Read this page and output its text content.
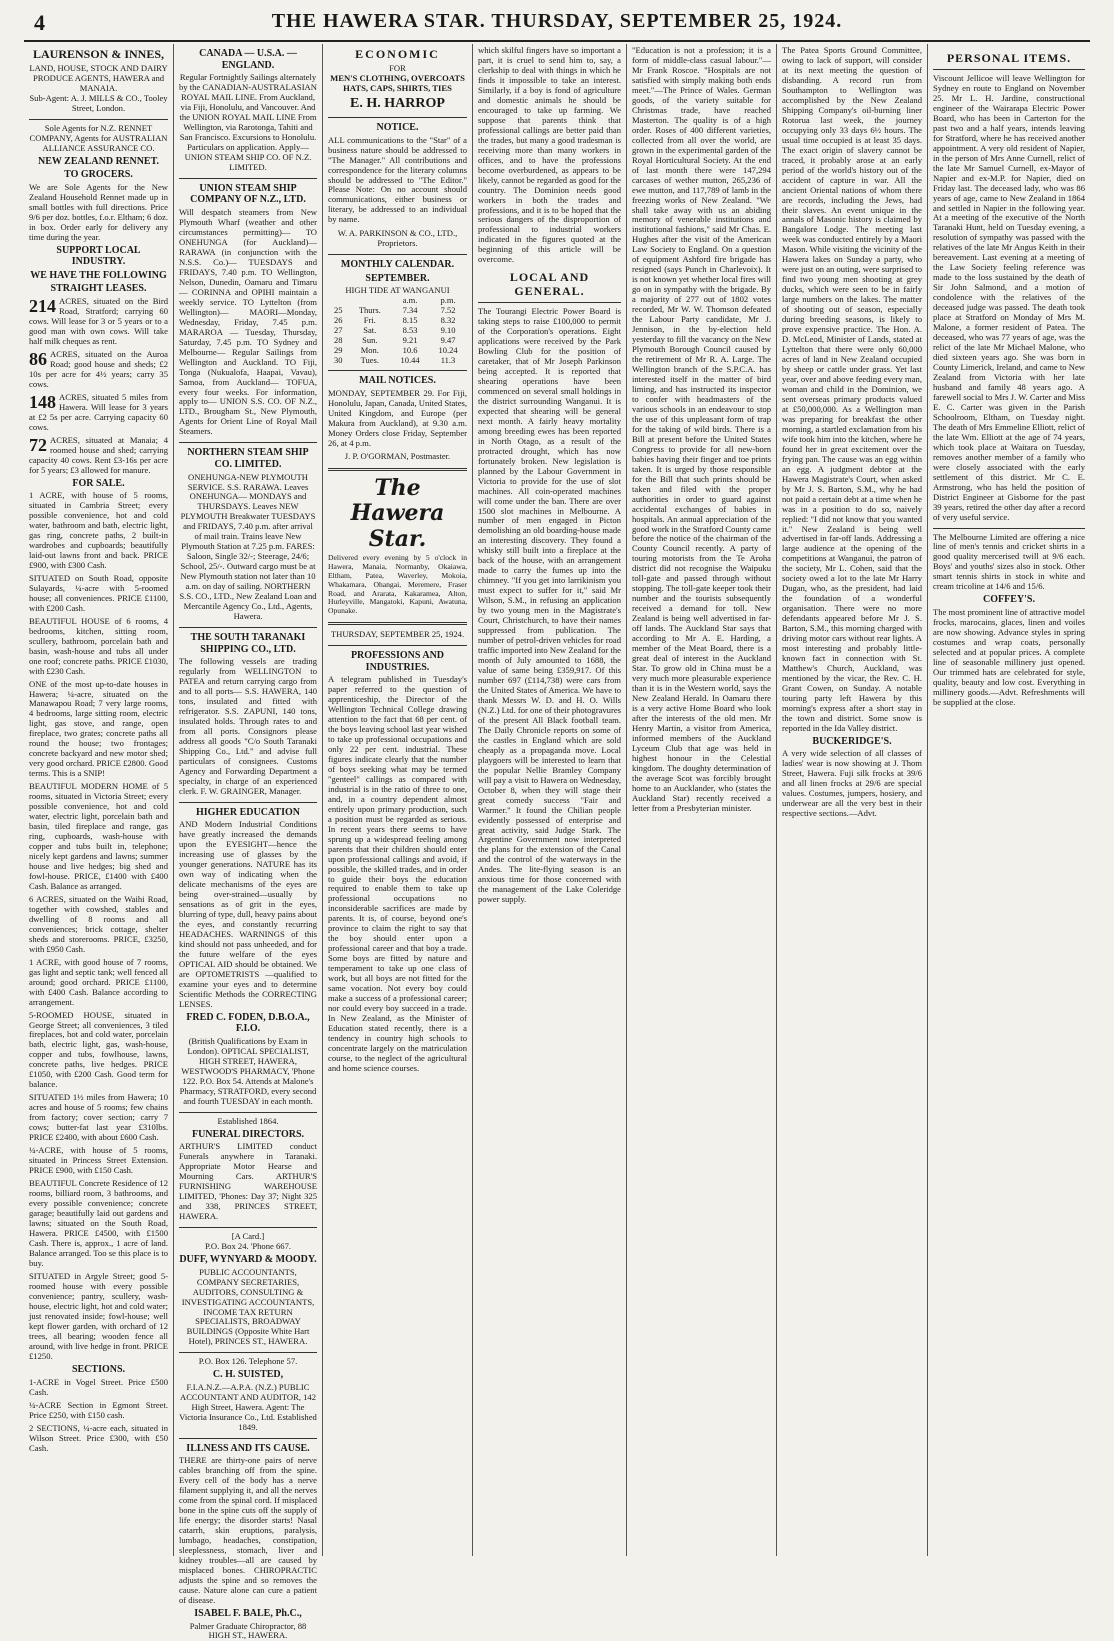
4	THE HAWERA STAR. THURSDAY, SEPTEMBER 25, 1924.
LAURENSON & INNES,
LAND, HOUSE, STOCK AND DAIRY PRODUCE AGENTS, HAWERA and MANAIA.
Sub-Agent: A. J. MILLS & CO., Tooley Street, London.
Sole Agents for N.Z. RENNET COMPANY, Agents for AUSTRALIAN ALLIANCE ASSURANCE CO.
NEW ZEALAND RENNET.
TO GROCERS.
We are Sole Agents for the New Zealand Household Rennet made up in small bottles with full directions. Price 9/6 per doz. bottles, f.o.r. Eltham; 6 doz. in box. Order early for delivery any time during the year.
SUPPORT LOCAL INDUSTRY.
WE HAVE THE FOLLOWING
STRAIGHT LEASES.
214 ACRES, situated on the Bird Road, Stratford; carrying 60 cows. Will lease for 3 or 5 years or to a good man with own cows. Will take half milk cheques as rent.
86 ACRES, situated on the Auroa Road; good house and sheds; £2 10s per acre for 4½ years; carry 35 cows.
148 ACRES, situated 5 miles from Hawera. Will lease for 3 years at £2 5s per acre. Carrying capacity 60 cows.
72 ACRES, situated at Manaia; 4 roomed house and shed; carrying capacity 40 cows. Rent £3-16s per acre for 5 years; £3 allowed for manure.
FOR SALE.

1 ACRE, with house of 5 rooms, situated in Cambria Street; every possible convenience, hot and cold water, bathroom and bath, electric light, gas ring, concrete paths, 2 built-in wardrobes and cupboards; beautifully laid-out lawns front and back. PRICE £900, with £300 Cash.

SITUATED on South Road, opposite Sulayards, ¼-acre with 5-roomed house; all conveniences. PRICE £1100, with £200 Cash.

BEAUTIFUL HOUSE of 6 rooms, 4 bedrooms, kitchen, sitting room, scullery, bathroom, porcelain bath and basin, wash-house and tubs all under one roof; concrete paths. PRICE £1030, with £230 Cash.

ONE of the most up-to-date houses in Hawera; ¼-acre, situated on the Manawapou Road; 7 very large rooms, 4 bedrooms, large sitting room, electric light, gas stove, and range, open fireplace, two grates; concrete paths all round the house; two frontages; concrete backyard and new motor shed; very good orchard. PRICE £2800. Good terms. This is a SNIP!

BEAUTIFUL MODERN HOME of 5 rooms, situated in Victoria Street; every possible convenience, hot and cold water, electric light, porcelain bath and basin, tiled fireplace and range, gas ring, cupboards, wash-house with copper and tubs built in, telephone; nicely kept gardens and lawns; summer house and live hedges; big shed and fowl-house. PRICE, £1400 with £400 Cash. Balance as arranged.

6 ACRES, situated on the Waihi Road, together with cowshed, stables and dwelling of 8 rooms and all conveniences; brick cottage, shelter sheds and storerooms. PRICE, £3250, with £950 Cash.

1 ACRE, with good house of 7 rooms, gas light and septic tank; well fenced all around; good orchard. PRICE £1100, with £400 Cash. Balance according to arrangement.

5-ROOMED HOUSE, situated in George Street; all conveniences, 3 tiled fireplaces, hot and cold water, porcelain bath, electric light, gas, wash-house, copper and tubs, fowlhouse, lawns, concrete paths, live hedges. PRICE £1050, with £200 Cash. Good term for balance.

SITUATED 1½ miles from Hawera; 10 acres and house of 5 rooms; few chains from factory; cover section; carry 7 cows; butter-fat last year £310lbs. PRICE £2400, with about £600 Cash.

¼-ACRE, with house of 5 rooms, situated in Princess Street Extension. PRICE £900, with £150 Cash.

BEAUTIFUL Concrete Residence of 12 rooms, billiard room, 3 bathrooms, and every possible convenience; concrete garage; beautifully laid out gardens and lawns; situated on the South Road, Hawera. PRICE £4500, with £1500 Cash. There is, approx., 1 acre of land. Balance arranged. Too se this place is to buy.

SITUATED in Argyle Street; good 5-roomed house with every possible convenience; pantry, scullery, wash-house, electric light, hot and cold water; just renovated inside; fowl-house; well kept flower garden, with orchard of 12 trees, all bearing; wooden fence all around, with live hedge in front. PRICE £1250.

SECTIONS.

1-ACRE in Vogel Street. Price £500 Cash.

¼-ACRE Section in Egmont Street. Price £250, with £150 cash.

2 SECTIONS, ¼-acre each, situated in Wilson Street. Price £300, with £50 Cash.

CANADA — U.S.A. — ENGLAND.
Regular Fortnightly Sailings alternately by the CANADIAN-AUSTRALASIAN ROYAL MAIL LINE. From Auckland, via Fiji, Honolulu, and Vancouver. And the UNION ROYAL MAIL LINE From Wellington, via Rarotonga, Tahiti and San Francisco. Excursions to Honolulu. Particulars on application. Apply— UNION STEAM SHIP CO. OF N.Z. LIMITED.
UNION STEAM SHIP COMPANY OF N.Z., LTD.
Will despatch steamers from New Plymouth Wharf (weather and other circumstances permitting)— TO ONEHUNGA (for Auckland)— RARAWA (in conjunction with the N.S.S. Co.)— TUESDAYS and FRIDAYS, 7.40 p.m. TO Wellington, Nelson, Dunedin, Oamaru and Timaru— CORINNA and OPIHI maintain a weekly service. TO Lyttelton (from Wellington)— MAORI—Monday, Wednesday, Friday, 7.45 p.m. MARAROA — Tuesday, Thursday, Saturday, 7.45 p.m. TO Sydney and Melbourne— Regular Sailings from Wellington and Auckland. TO Fiji, Tonga (Nukualofa, Haapai, Vavau), Samoa, from Auckland— TOFUA, every four weeks. For information, apply to— UNION S.S. CO. OF N.Z., LTD., Brougham St., New Plymouth, Agents for Orient Line of Royal Mail Steamers.
NORTHERN STEAM SHIP CO. LIMITED.
ONEHUNGA-NEW PLYMOUTH SERVICE. S.S. RARAWA. Leaves ONEHUNGA— MONDAYS and THURSDAYS. Leaves NEW PLYMOUTH Breakwater TUESDAYS and FRIDAYS, 7.40 p.m. after arrival of mail train. Trains leave New Plymouth Station at 7.25 p.m. FARES: Saloon, Single 32/-; Steerage, 24/6; School, 25/-. Outward cargo must be at New Plymouth station not later than 10 a.m. on day of sailing. NORTHERN S.S. CO., LTD., New Zealand Loan and Mercantile Agency Co., Ltd., Agents, Hawera.
THE SOUTH TARANAKI SHIPPING CO., LTD.
The following vessels are trading regularly from WELLINGTON to PATEA and return carrying cargo from and to all ports— S.S. HAWERA, 140 tons, insulated and fitted with refrigerator. S.S. ZAPUNI, 140 tons, insulated holds. Through rates to and from all ports. Consignors please address all goods "C/o South Taranaki Shipping Co., Ltd." and advise full particulars of consignees. Customs Agency and Forwarding Department a specialty, in charge of an experienced clerk. F. W. GRAINGER, Manager.
HIGHER EDUCATION
AND Modern Industrial Conditions have greatly increased the demands upon the EYESIGHT—hence the increasing use of glasses by the younger generations. NATURE has its own way of indicating when the delicate mechanisms of the eyes are being over-strained—usually by sensations as of grit in the eyes, blurring of type, dull, heavy pains about the eyes, and constantly recurring HEADACHES. WARNINGS of this kind should not pass unheeded, and for the future welfare of the eyes OPTICAL AID should be obtained. We are OPTOMETRISTS —qualified to examine your eyes and to determine Scientific Methods the CORRECTING LENSES.
FRED C. FODEN, D.B.O.A., F.I.O.
(British Qualifications by Exam in London). OPTICAL SPECIALIST, HIGH STREET, HAWERA, WESTWOOD'S PHARMACY, 'Phone 122. P.O. Box 54. Attends at Malone's Pharmacy, STRATFORD, every second and fourth TUESDAY in each month.
Established 1864.
FUNERAL DIRECTORS.
ARTHUR'S LIMITED conduct Funerals anywhere in Taranaki. Appropriate Motor Hearse and Mourning Cars. ARTHUR'S FURNISHING WAREHOUSE LIMITED, 'Phones: Day 37; Night 325 and 338, PRINCES STREET, HAWERA.
[A Card.]
P.O. Box 24. 'Phone 667.
DUFF, WYNYARD & MOODY.
PUBLIC ACCOUNTANTS, COMPANY SECRETARIES, AUDITORS, CONSULTING & INVESTIGATING ACCOUNTANTS, INCOME TAX RETURN SPECIALISTS, BROADWAY BUILDINGS (Opposite White Hart Hotel), PRINCES ST., HAWERA.
P.O. Box 126. Telephone 57.
C. H. SUISTED,
F.I.A.N.Z.—A.P.A. (N.Z.) PUBLIC ACCOUNTANT AND AUDITOR, 142 High Street, Hawera. Agent: The Victoria Insurance Co., Ltd. Established 1849.
ILLNESS AND ITS CAUSE.
THERE are thirty-one pairs of nerve cables branching off from the spine. Every cell of the body has a nerve filament supplying it, and all the nerves come from the spinal cord. If misplaced bone in the spine cuts off the supply of life energy; the disorder starts! Nasal catarrh, skin eruptions, paralysis, lumbago, headaches, constipation, sleeplessness, stomach, liver and kidney troubles—all are caused by misplaced bones. CHIROPRACTIC adjusts the spine and so removes the cause. Nature alone can cure a patient of disease.
ISABEL F. BALE, Ph.C.,
Palmer Graduate Chiropractor, 88 HIGH ST., HAWERA.
ECONOMIC
FOR
MEN'S CLOTHING, OVERCOATS HATS, CAPS, SHIRTS, TIES
E. H. HARROP
NOTICE.
ALL communications to the "Star" of a business nature should be addressed to "The Manager." All contributions and correspondence for the literary columns should be addressed to "The Editor." Please Note: On no account should communications, either business or literary, be addressed to an individual by name.
W. A. PARKINSON & CO., LTD., Proprietors.
MONTHLY CALENDAR.
SEPTEMBER.
HIGH TIDE AT WANGANUI
		a.m.	p.m.
25	Thurs.	7.34	7.52
26	Fri.	8.15	8.32
27	Sat.	8.53	9.10
28	Sun.	9.21	9.47
29	Mon.	10.6	10.24
30	Tues.	10.44	11.3
MAIL NOTICES.
MONDAY, SEPTEMBER 29. For Fiji, Honolulu, Japan, Canada, United States, United Kingdom, and Europe (per Makura from Auckland), at 9.30 a.m. Money Orders close Friday, September 26, at 4 p.m.
J. P. O'GORMAN, Postmaster.
The Hawera Star.
Delivered every evening by 5 o'clock in Hawera, Manaia, Normanby, Okaiawa, Eltham, Patea, Waverley, Mokoia, Whakamara, Ohangai, Meremere, Fraser Road, and Ararata, Kakaramea, Alton, Hurleyville, Mangatoki, Kapuni, Awatuna, Opunake.
THURSDAY, SEPTEMBER 25, 1924.
PROFESSIONS AND INDUSTRIES.
A telegram published in Tuesday's paper referred to the question of apprenticeship, the Director of the Wellington Technical College drawing attention to the fact that 68 per cent. of the boys leaving school last year wished to take up professional occupations and only 22 per cent. industrial. These figures indicate clearly that the number of boys seeking what may be termed "genteel" callings as compared with industrial is in the ratio of three to one, and, in a country dependent almost entirely upon primary production, such a position must be regarded as serious. In recent years there seems to have sprung up a widespread feeling among parents that their children should enter upon professional callings and avoid, if possible, the skilled trades, and in order to guide their boys the education required to enable them to take up professional occupations no inconsiderable sacrifices are made by parents. It is, of course, beyond one's province to claim the right to say that the boy should enter upon a professional career and that boy a trade. Some boys are fitted by nature and temperament to take up one class of work, but all boys are not fitted for the same vocation. Not every boy could make a success of a professional career; nor could every boy succeed in a trade. In New Zealand, as the Minister of Education stated recently, there is a tendency in country high schools to concentrate largely on the matriculation course, to the neglect of the agricultural and home science courses.
which skilful fingers have so important a part, it is cruel to send him to, say, a clerkship to deal with things in which he finds it impossible to take an interest. Similarly, if a boy is fond of agriculture and domestic animals he should be encouraged to take up farming. We suppose that parents think that professional callings are better paid than the trades, but many a good tradesman is receiving more than many workers in offices, and to have the professions become overburdened, as appears to be likely, cannot be regarded as good for the country. The Dominion needs good workers in both the trades and professions, and it is to be hoped that the serious dangers of the disproportion of professional to industrial workers indicated in the figures quoted at the beginning of this article will be overcome.
LOCAL AND GENERAL.
The Tourangi Electric Power Board is taking steps to raise £100,000 to permit of the Corporation's operations. Eight applications were received by the Park Bowling Club for the position of caretaker, that of Mr Joseph Parkinson being accepted. It is reported that shearing operations have been commenced on several small holdings in the district surrounding Wanganui. It is expected that shearing will be general next month. A fairly heavy mortality among breeding ewes has been reported in North Otago, as a result of the protracted drought, which has now fortunately broken. New legislation is planned by the Labour Government in Victoria to provide for the use of slot machines. All coin-operated machines will come under the ban. There are over 1500 slot machines in Melbourne. A number of men engaged in Picton demolishing an old boarding-house made an interesting discovery. They found a whisky still built into a fireplace at the back of the house, with an arrangement made to carry the fumes up into the chimney. "If you get into larrikinism you must expect to suffer for it," said Mr Wilson, S.M., in refusing an application by two young men in the Magistrate's Court, Christchurch, to have their names suppressed from publication. The number of petrol-driven vehicles for road traffic imported into New Zealand for the month of July amounted to 1688, the value of same being £359,917. Of this number 697 (£114,738) were cars from the United States of America. We have to thank Messrs W. D. and H. O. Wills (N.Z.) Ltd. for one of their photogravures of the present All Black football team. The Daily Chronicle reports on some of the castles in England which are sold cheaply as a propaganda move. Local playgoers will be interested to learn that the popular Nellie Bramley Company will pay a visit to Hawera on Wednesday, October 8, when they will stage their great comedy success "Fair and Warmer." It found the Chilian people evidently possessed of enterprise and great activity, said Judge Stark. The Argentine Government now interpreted the plans for the extension of the Canal and the control of the waterways in the Andes. The lite-flying season is an anxious time for those concerned with the management of the Lake Coleridge power supply.
"Education is not a profession; it is a form of middle-class casual labour."—Mr Frank Roscoe. "Hospitals are not satisfied with simply making both ends meet."—The Prince of Wales. German goods, of the variety suitable for Christmas trade, have reached Masterton. The quality is of a high order. Roses of 400 different varieties, collected from all over the world, are grown in the experimental garden of the Royal Horticultural Society. At the end of last month there were 147,294 carcases of wether mutton, 265,236 of ewe mutton, and 117,789 of lamb in the freezing works of New Zealand. "We shall take away with us an abiding memory of venerable institutions and institutional fashions," said Mr Chas. E. Hughes after the visit of the American Law Society to England. On a question of equipment Ashford fire brigade has resigned (says Punch in Charlevoix). It is not known yet whether local fires will go on in sympathy with the brigade. By a majority of 277 out of 1802 votes recorded, Mr W. W. Thomson defeated the Labour Party candidate, Mr J. Jennison, in the by-election held yesterday to fill the vacancy on the New Plymouth Borough Council caused by the retirement of Mr R. A. Large. The Wellington branch of the S.P.C.A. has interested itself in the matter of bird liming, and has instructed its inspector to confer with headmasters of the various schools in an endeavour to stop the use of this unpleasant form of trap for the taking of wild birds. There is a Bill at present before the United States Congress to provide for all new-born babies having their finger and toe prints taken. It is urged by those responsible for the Bill that such prints should be taken and filed with the proper authorities in order to guard against accidental exchanges of babies in hospitals. An annual appreciation of the good work in the Stratford County came before the notice of the chairman of the County Council recently. A party of touring motorists from the Te Aroha district did not recognise the Waipuku toll-gate and passed through without stopping. The toll-gate keeper took their number and the tourists subsequently received a demand for toll. New Zealand is being well advertised in far-off lands. The Auckland Star says that according to Mr A. E. Harding, a member of the Meat Board, there is a great deal of interest in the Auckland Star. To grow old in China must be a very much more pleasurable experience than it is in the Western world, says the New Zealand Herald. In Oamaru there is a very active Home Board who look after the interests of the old men. Mr Henry Martin, a visitor from America, informed members of the Auckland Lyceum Club that age was held in highest honour in the Celestial kingdom. The doughty determination of the average Scot was forcibly brought home to an Aucklander, who (states the Auckland Star) recently received a letter from a Presbyterian minister.
The Patea Sports Ground Committee, owing to lack of support, will consider at its next meeting the question of disbanding. A record run from Southampton to Wellington was accomplished by the New Zealand Shipping Company's oil-burning liner Rotorua last week, the journey occupying only 33 days 6½ hours. The usual time occupied is at least 35 days. The exact origin of slavery cannot be traced, it probably arose at an early period of the world's history out of the accident of capture in war. All the ancient Oriental nations of whom there are records, including the Jews, had their slaves. An event unique in the annals of Masonic history is claimed by Bangalore Lodge. The meeting last week was conducted entirely by a Maori Mason. While visiting the vicinity of the Hawera lakes on Sunday a party, who were just on an outing, were surprised to find two young men shooting at grey ducks, which were seen to be in fairly large numbers on the lakes. The matter of shooting out of season, especially during breeding seasons, is likely to prove expensive practice. The Hon. A. D. McLeod, Minister of Lands, stated at Lyttelton that there were only 60,000 acres of land in New Zealand occupied by sheep or cattle under grass. Yet last year, over and above feeding every man, woman and child in the Dominion, we sent overseas primary products valued at £50,000,000. As a Wellington man was preparing for breakfast the other morning, a startled exclamation from his wife took him into the kitchen, where he found her in great excitement over the frying pan. The cause was an egg within an egg. A judgment debtor at the Hawera Magistrate's Court, when asked by Mr J. S. Barton, S.M., why he had not paid a certain debt at a time when he was in a position to do so, naively replied: "I did not know that you wanted it." New Zealand is being well advertised in far-off lands. Addressing a large audience at the opening of the competitions at Wanganui, the patron of the society, Mr L. Cohen, said that the society owed a lot to the late Mr Harry Dugan, who, as the president, had laid the foundation of a wonderful organisation. There were no more defendants appeared before Mr J. S. Barton, S.M., this morning charged with driving motor cars without rear lights. A most interesting and probably little-known fact in connection with St. Matthew's Church, Auckland, was mentioned by the vicar, the Rev. C. H. Grant Cowen, on Sunday. A notable touring party left Hawera by this morning's express after a short stay in the town and district. Some snow is reported in the Ida Valley district.
BUCKERIDGE'S.
A very wide selection of all classes of ladies' wear is now showing at J. Thom Street, Hawera. Fuji silk frocks at 39/6 and all linen frocks at 29/6 are special values. Costumes, jumpers, hosiery, and underwear are all the very best in their respective sections.—Advt.
PERSONAL ITEMS.
Viscount Jellicoe will leave Wellington for Sydney en route to England on November 25. Mr L. H. Jardine, constructional engineer of the Wairarapa Electric Power Board, who has been in Carterton for the past two and a half years, intends leaving for Stratford, where he has received another appointment. A very old resident of Napier, in the person of Mrs Anne Curnell, relict of the late Mr Samuel Curnell, ex-Mayor of Napier and ex-M.P. for Napier, died on Friday last. The deceased lady, who was 86 years of age, came to New Zealand in 1864 and settled in Napier in the following year. At a meeting of the executive of the North Taranaki Hunt, held on Tuesday evening, a resolution of sympathy was passed with the relatives of the late Mr Angus Keith in their bereavement. Last evening at a meeting of the Law Society feeling reference was made to the loss sustained by the death of Sir John Salmond, and a motion of condolence with the relatives of the deceased judge was passed. The death took place at Stratford on Monday of Mrs M. Malone, a former resident of Patea. The deceased, who was 77 years of age, was the relict of the late Mr Michael Malone, who died sixteen years ago. She was born in County Limerick, Ireland, and came to New Zealand from Victoria with her late husband and family 48 years ago. A farewell social to Mrs J. W. Carter and Miss E. C. Carter was given in the Parish Schoolroom, Eltham, on Tuesday night. The death of Mrs Emmeline Elliott, relict of the late Wm. Elliott at the age of 74 years, which took place at Waitara on Tuesday, removes another member of a family who were closely associated with the early settlement of this district. Mr C. E. Armstrong, who has held the position of District Engineer at Gisborne for the past 39 years, retired the other day after a record of very useful service.
The Melbourne Limited are offering a nice line of men's tennis and cricket shirts in a good quality mercerised twill at 9/6 each. Boys' and youths' sizes also in stock. Other smart tennis shirts in stock in white and cream tricoline at 14/6 and 15/6.
COFFEY'S.
The most prominent line of attractive model frocks, marocains, glaces, linen and voiles are now showing. Advance styles in spring costumes and wrap coats, personally selected and at popular prices. A complete line of seasonable millinery just opened. Our trimmed hats are celebrated for style, quality, beauty and low cost. Everything in millinery goods.—Advt. Refreshments will be supplied at the close.
